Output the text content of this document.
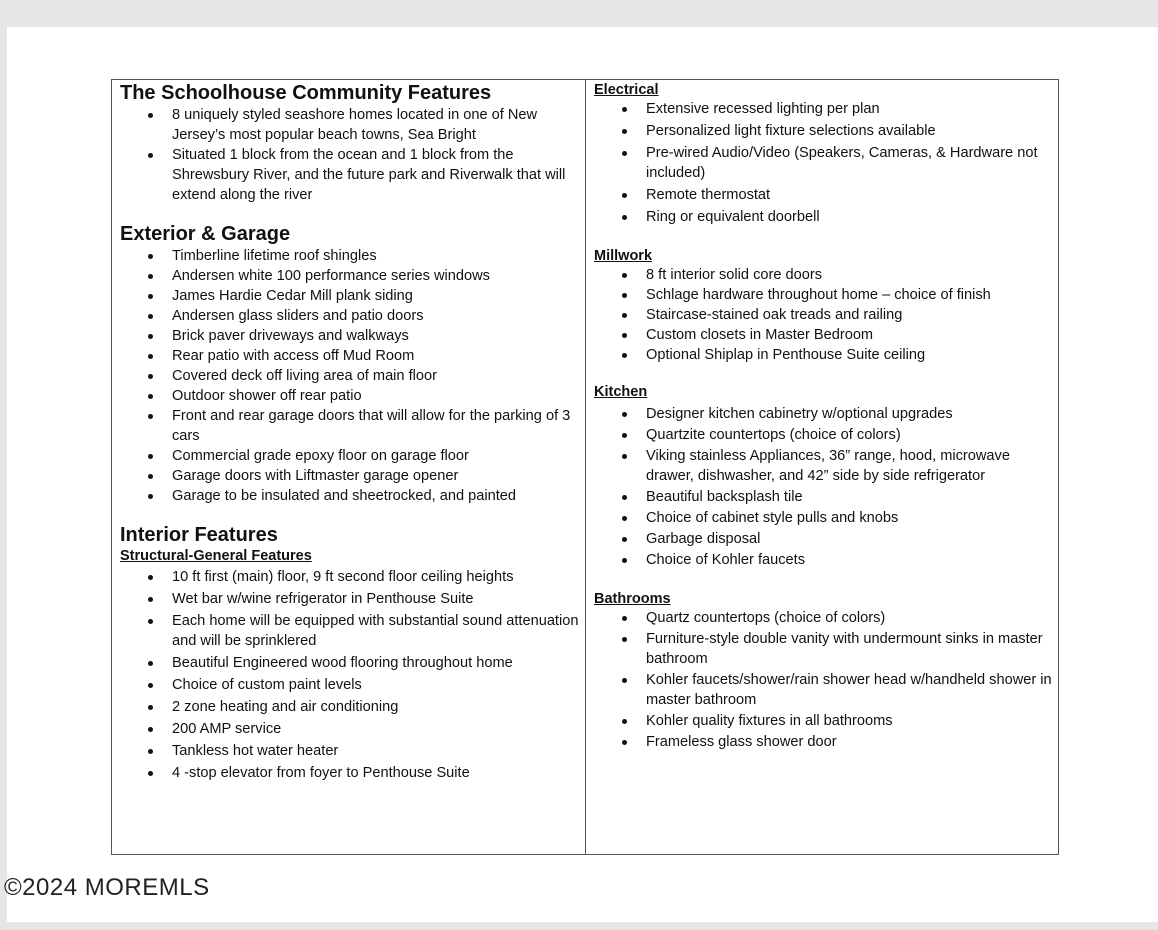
The Schoolhouse Community Features
8 uniquely styled seashore homes located in one of New Jersey’s most popular beach towns, Sea Bright
Situated 1 block from the ocean and 1 block from the Shrewsbury River, and the future park and Riverwalk that will extend along the river
Exterior & Garage
Timberline lifetime roof shingles
Andersen white 100 performance series windows
James Hardie Cedar Mill plank siding
Andersen glass sliders and patio doors
Brick paver driveways and walkways
Rear patio with access off Mud Room
Covered deck off living area of main floor
Outdoor shower off rear patio
Front and rear garage doors that will allow for the parking of 3 cars
Commercial grade epoxy floor on garage floor
Garage doors with Liftmaster garage opener
Garage to be insulated and sheetrocked, and painted
Interior Features
Structural-General Features
10 ft first (main) floor, 9 ft second floor ceiling heights
Wet bar w/wine refrigerator in Penthouse Suite
Each home will be equipped with substantial sound attenuation and will be sprinklered
Beautiful Engineered wood flooring throughout home
Choice of custom paint levels
2 zone heating and air conditioning
200 AMP service
Tankless hot water heater
4 -stop elevator from foyer to Penthouse Suite
Electrical
Extensive recessed lighting per plan
Personalized light fixture selections available
Pre-wired Audio/Video (Speakers, Cameras, & Hardware not included)
Remote thermostat
Ring or equivalent doorbell
Millwork
8 ft interior solid core doors
Schlage hardware throughout home – choice of finish
Staircase-stained oak treads and railing
Custom closets in Master Bedroom
Optional Shiplap in Penthouse Suite ceiling
Kitchen
Designer kitchen cabinetry w/optional upgrades
Quartzite countertops (choice of colors)
Viking stainless Appliances, 36” range, hood, microwave drawer, dishwasher, and 42” side by side refrigerator
Beautiful backsplash tile
Choice of cabinet style pulls and knobs
Garbage disposal
Choice of Kohler faucets
Bathrooms
Quartz countertops (choice of colors)
Furniture-style double vanity with undermount sinks in master bathroom
Kohler faucets/shower/rain shower head w/handheld shower in master bathroom
Kohler quality fixtures in all bathrooms
Frameless glass shower door
©2024 MOREMLS
